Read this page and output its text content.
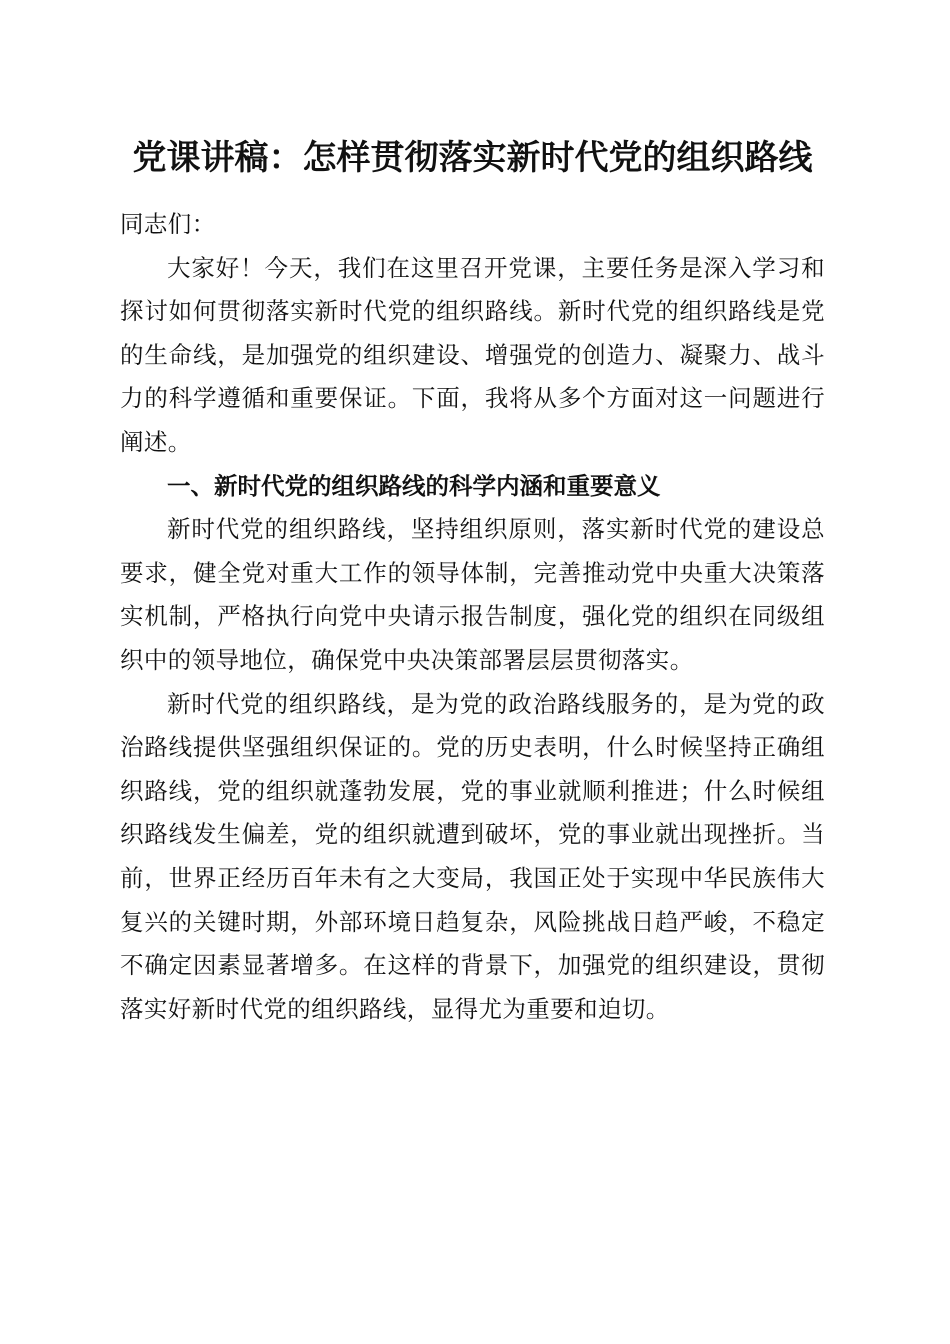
党课讲稿：怎样贯彻落实新时代党的组织路线

同志们：

大家好！今天，我们在这里召开党课，主要任务是深入学习和探讨如何贯彻落实新时代党的组织路线。新时代党的组织路线是党的生命线，是加强党的组织建设、增强党的创造力、凝聚力、战斗力的科学遵循和重要保证。下面，我将从多个方面对这一问题进行阐述。

一、新时代党的组织路线的科学内涵和重要意义

新时代党的组织路线，坚持组织原则，落实新时代党的建设总要求，健全党对重大工作的领导体制，完善推动党中央重大决策落实机制，严格执行向党中央请示报告制度，强化党的组织在同级组织中的领导地位，确保党中央决策部署层层贯彻落实。

新时代党的组织路线，是为党的政治路线服务的，是为党的政治路线提供坚强组织保证的。党的历史表明，什么时候坚持正确组织路线，党的组织就蓬勃发展，党的事业就顺利推进；什么时候组织路线发生偏差，党的组织就遭到破坏，党的事业就出现挫折。当前，世界正经历百年未有之大变局，我国正处于实现中华民族伟大复兴的关键时期，外部环境日趋复杂，风险挑战日趋严峻，不稳定不确定因素显著增多。在这样的背景下，加强党的组织建设，贯彻落实好新时代党的组织路线，显得尤为重要和迫切。
